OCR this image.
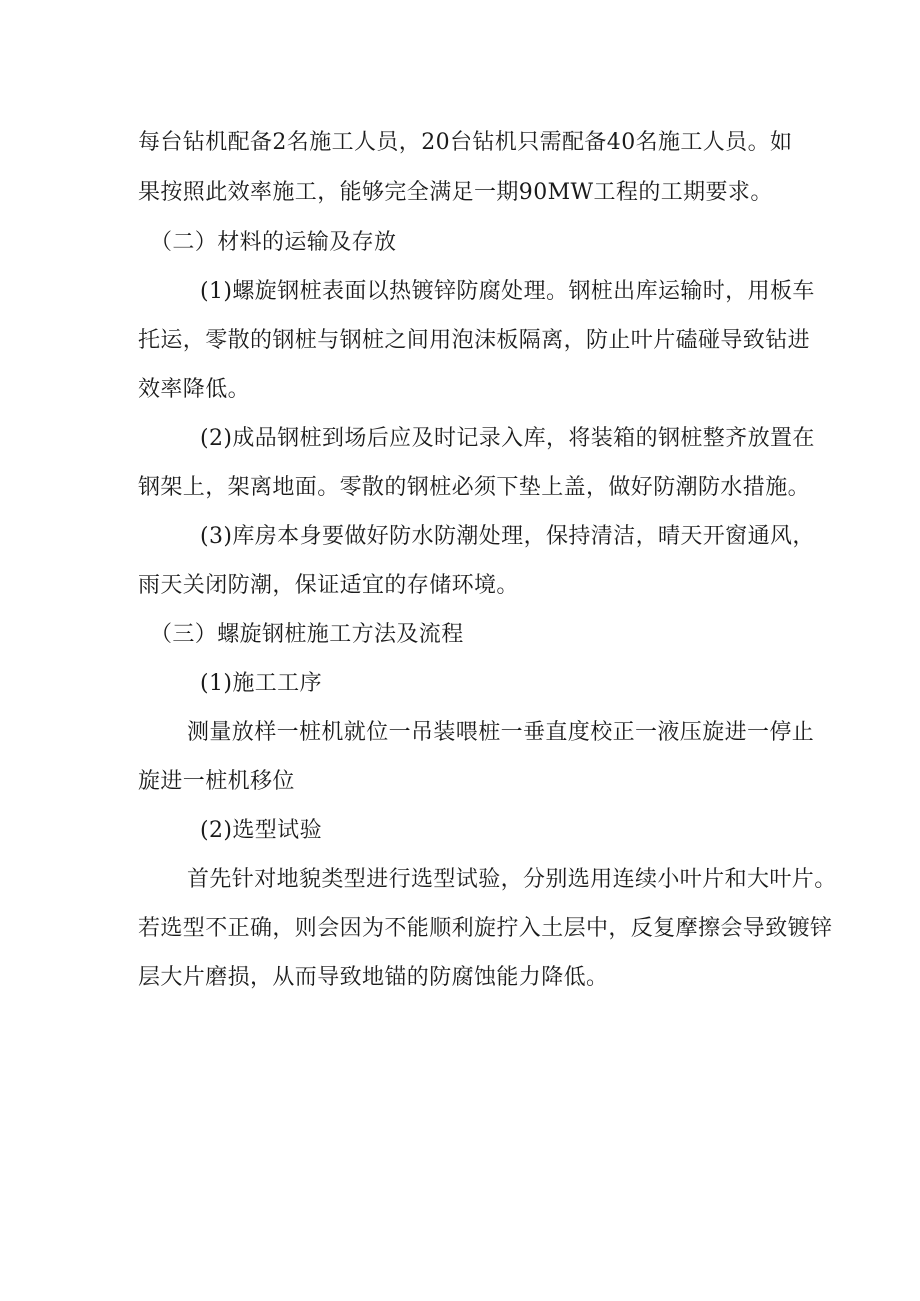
每台钻机配备2名施工人员，20台钻机只需配备40名施工人员。如
果按照此效率施工，能够完全满足一期90MW工程的工期要求。
（二）材料的运输及存放
(1)螺旋钢桩表面以热镀锌防腐处理。钢桩出库运输时，用板车
托运，零散的钢桩与钢桩之间用泡沫板隔离，防止叶片磕碰导致钻进
效率降低。
(2)成品钢桩到场后应及时记录入库，将装箱的钢桩整齐放置在
钢架上，架离地面。零散的钢桩必须下垫上盖，做好防潮防水措施。
(3)库房本身要做好防水防潮处理，保持清洁，晴天开窗通风，
雨天关闭防潮，保证适宜的存储环境。
（三）螺旋钢桩施工方法及流程
(1)施工工序
测量放样一桩机就位一吊装喂桩一垂直度校正一液压旋进一停止
旋进一桩机移位
(2)选型试验
首先针对地貌类型进行选型试验，分别选用连续小叶片和大叶片。
若选型不正确，则会因为不能顺利旋拧入土层中，反复摩擦会导致镀锌
层大片磨损，从而导致地锚的防腐蚀能力降低。
